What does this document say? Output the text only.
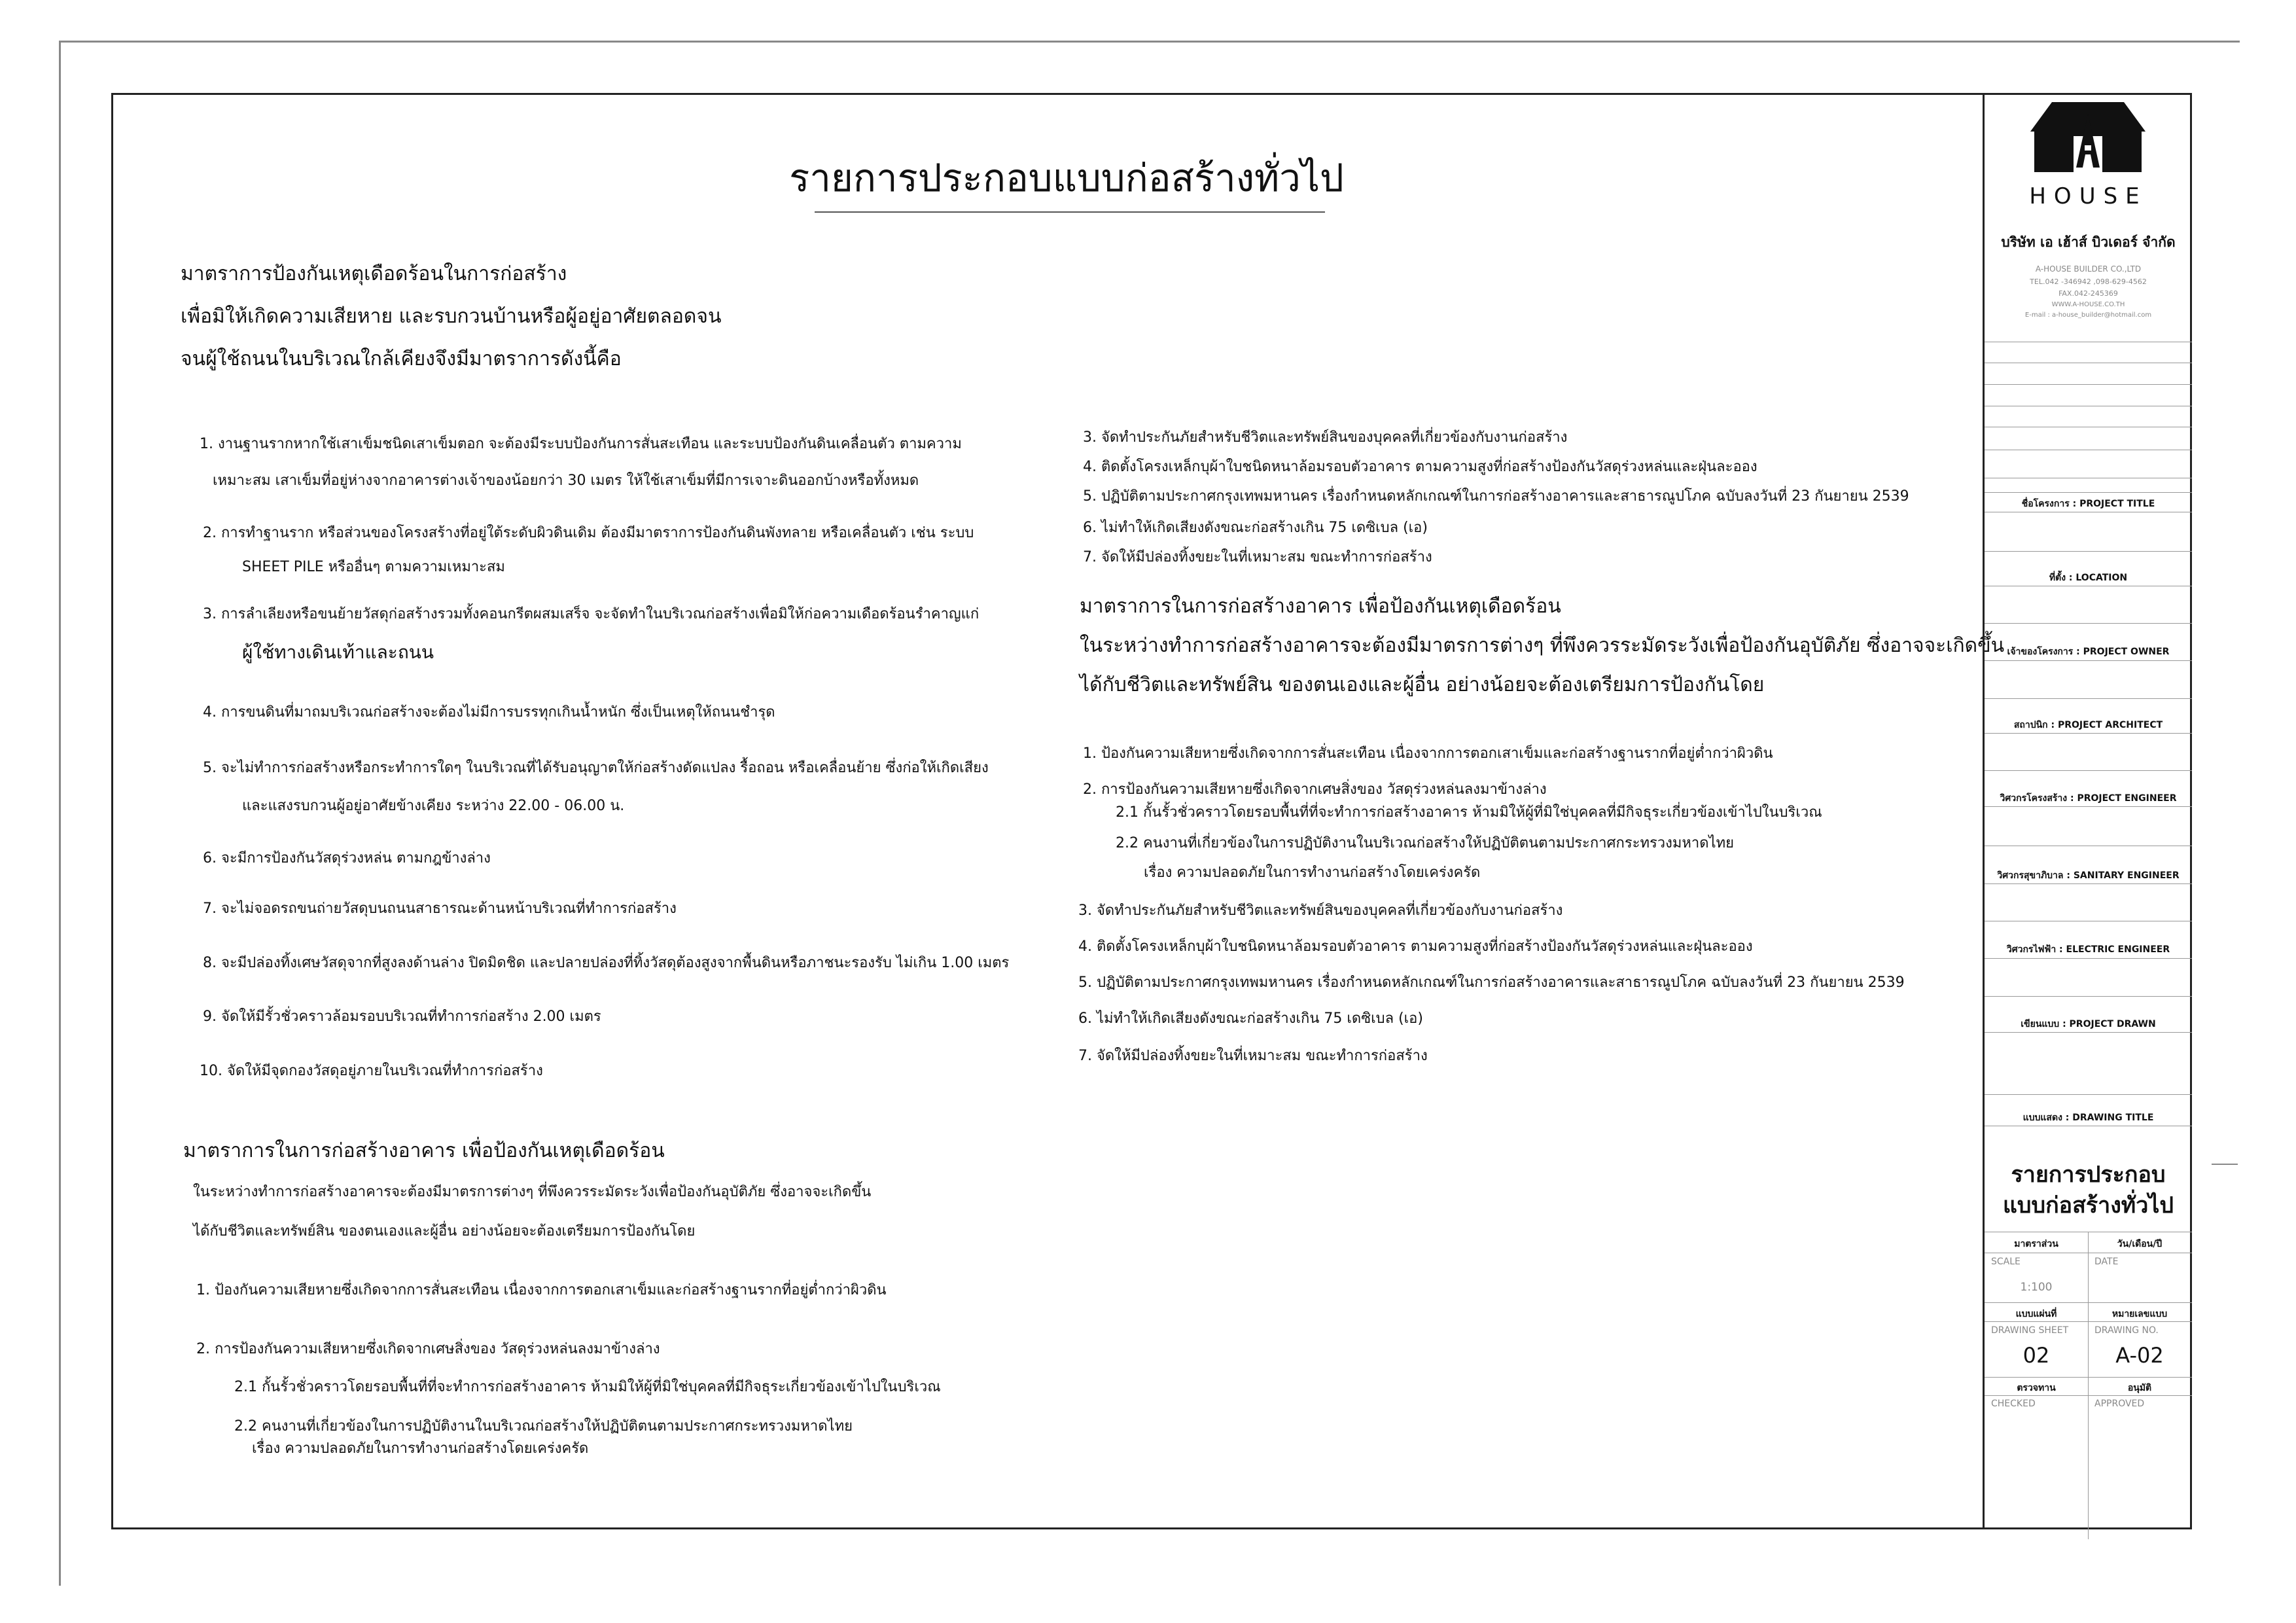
รายการประกอบแบบก่อสร้างทั่วไป
มาตราการป้องกันเหตุเดือดร้อนในการก่อสร้าง
เพื่อมิให้เกิดความเสียหาย และรบกวนบ้านหรือผู้อยู่อาศัยตลอดจน
จนผู้ใช้ถนนในบริเวณใกล้เคียงจึงมีมาตราการดังนี้คือ
1. งานฐานรากหากใช้เสาเข็มชนิดเสาเข็มตอก จะต้องมีระบบป้องกันการสั่นสะเทือน และระบบป้องกันดินเคลื่อนตัว ตามความ
เหมาะสม เสาเข็มที่อยู่ห่างจากอาคารต่างเจ้าของน้อยกว่า 30 เมตร ให้ใช้เสาเข็มที่มีการเจาะดินออกบ้างหรือทั้งหมด
2. การทำฐานราก หรือส่วนของโครงสร้างที่อยู่ใต้ระดับผิวดินเดิม ต้องมีมาตราการป้องกันดินพังทลาย หรือเคลื่อนตัว เช่น ระบบ
SHEET PILE หรืออื่นๆ ตามความเหมาะสม
3. การลำเลียงหรือขนย้ายวัสดุก่อสร้างรวมทั้งคอนกรีตผสมเสร็จ จะจัดทำในบริเวณก่อสร้างเพื่อมิให้ก่อความเดือดร้อนรำคาญแก่
ผู้ใช้ทางเดินเท้าและถนน
4. การขนดินที่มาถมบริเวณก่อสร้างจะต้องไม่มีการบรรทุกเกินน้ำหนัก ซึ่งเป็นเหตุให้ถนนชำรุด
5. จะไม่ทำการก่อสร้างหรือกระทำการใดๆ ในบริเวณที่ได้รับอนุญาตให้ก่อสร้างดัดแปลง รื้อถอน หรือเคลื่อนย้าย ซึ่งก่อให้เกิดเสียง
และแสงรบกวนผู้อยู่อาศัยข้างเคียง ระหว่าง 22.00 - 06.00 น.
6. จะมีการป้องกันวัสดุร่วงหล่น ตามกฎข้างล่าง
7. จะไม่จอดรถขนถ่ายวัสดุบนถนนสาธารณะด้านหน้าบริเวณที่ทำการก่อสร้าง
8. จะมีปล่องทิ้งเศษวัสดุจากที่สูงลงด้านล่าง ปิดมิดชิด และปลายปล่องที่ทิ้งวัสดุต้องสูงจากพื้นดินหรือภาชนะรองรับ ไม่เกิน 1.00 เมตร
9. จัดให้มีรั้วชั่วคราวล้อมรอบบริเวณที่ทำการก่อสร้าง 2.00 เมตร
10. จัดให้มีจุดกองวัสดุอยู่ภายในบริเวณที่ทำการก่อสร้าง
มาตราการในการก่อสร้างอาคาร เพื่อป้องกันเหตุเดือดร้อน
ในระหว่างทำการก่อสร้างอาคารจะต้องมีมาตรการต่างๆ ที่พึงควรระมัดระวังเพื่อป้องกันอุบัติภัย ซึ่งอาจจะเกิดขึ้น
ได้กับชีวิตและทรัพย์สิน ของตนเองและผู้อื่น อย่างน้อยจะต้องเตรียมการป้องกันโดย
1. ป้องกันความเสียหายซึ่งเกิดจากการสั่นสะเทือน เนื่องจากการตอกเสาเข็มและก่อสร้างฐานรากที่อยู่ต่ำกว่าผิวดิน
2. การป้องกันความเสียหายซึ่งเกิดจากเศษสิ่งของ วัสดุร่วงหล่นลงมาข้างล่าง
2.1 กั้นรั้วชั่วคราวโดยรอบพื้นที่ที่จะทำการก่อสร้างอาคาร ห้ามมิให้ผู้ที่มิใช่บุคคลที่มีกิจธุระเกี่ยวข้องเข้าไปในบริเวณ
2.2 คนงานที่เกี่ยวข้องในการปฏิบัติงานในบริเวณก่อสร้างให้ปฏิบัติตนตามประกาศกระทรวงมหาดไทย
เรื่อง ความปลอดภัยในการทำงานก่อสร้างโดยเคร่งครัด
3. จัดทำประกันภัยสำหรับชีวิตและทรัพย์สินของบุคคลที่เกี่ยวข้องกับงานก่อสร้าง
4. ติดตั้งโครงเหล็กบุผ้าใบชนิดหนาล้อมรอบตัวอาคาร ตามความสูงที่ก่อสร้างป้องกันวัสดุร่วงหล่นและฝุ่นละออง
5. ปฏิบัติตามประกาศกรุงเทพมหานคร เรื่องกำหนดหลักเกณฑ์ในการก่อสร้างอาคารและสาธารณูปโภค ฉบับลงวันที่ 23 กันยายน 2539
6. ไม่ทำให้เกิดเสียงดังขณะก่อสร้างเกิน 75 เดซิเบล (เอ)
7. จัดให้มีปล่องทิ้งขยะในที่เหมาะสม ขณะทำการก่อสร้าง
มาตราการในการก่อสร้างอาคาร เพื่อป้องกันเหตุเดือดร้อน
ในระหว่างทำการก่อสร้างอาคารจะต้องมีมาตรการต่างๆ ที่พึงควรระมัดระวังเพื่อป้องกันอุบัติภัย ซึ่งอาจจะเกิดขึ้น
ได้กับชีวิตและทรัพย์สิน ของตนเองและผู้อื่น อย่างน้อยจะต้องเตรียมการป้องกันโดย
1. ป้องกันความเสียหายซึ่งเกิดจากการสั่นสะเทือน เนื่องจากการตอกเสาเข็มและก่อสร้างฐานรากที่อยู่ต่ำกว่าผิวดิน
2. การป้องกันความเสียหายซึ่งเกิดจากเศษสิ่งของ วัสดุร่วงหล่นลงมาข้างล่าง
2.1 กั้นรั้วชั่วคราวโดยรอบพื้นที่ที่จะทำการก่อสร้างอาคาร ห้ามมิให้ผู้ที่มิใช่บุคคลที่มีกิจธุระเกี่ยวข้องเข้าไปในบริเวณ
2.2 คนงานที่เกี่ยวข้องในการปฏิบัติงานในบริเวณก่อสร้างให้ปฏิบัติตนตามประกาศกระทรวงมหาดไทย
เรื่อง ความปลอดภัยในการทำงานก่อสร้างโดยเคร่งครัด
3. จัดทำประกันภัยสำหรับชีวิตและทรัพย์สินของบุคคลที่เกี่ยวข้องกับงานก่อสร้าง
4. ติดตั้งโครงเหล็กบุผ้าใบชนิดหนาล้อมรอบตัวอาคาร ตามความสูงที่ก่อสร้างป้องกันวัสดุร่วงหล่นและฝุ่นละออง
5. ปฏิบัติตามประกาศกรุงเทพมหานคร เรื่องกำหนดหลักเกณฑ์ในการก่อสร้างอาคารและสาธารณูปโภค ฉบับลงวันที่ 23 กันยายน 2539
6. ไม่ทำให้เกิดเสียงดังขณะก่อสร้างเกิน 75 เดซิเบล (เอ)
7. จัดให้มีปล่องทิ้งขยะในที่เหมาะสม ขณะทำการก่อสร้าง
HOUSE
บริษัท เอ เฮ้าส์ บิวเดอร์ จำกัด
A-HOUSE BUILDER CO.,LTD
TEL.042 -346942 ,098-629-4562
FAX.042-245369
WWW.A-HOUSE.CO.TH
E-mail : a-house_builder@hotmail.com
ชื่อโครงการ : PROJECT TITLE
ที่ตั้ง : LOCATION
เจ้าของโครงการ : PROJECT OWNER
สถาปนิก : PROJECT ARCHITECT
วิศวกรโครงสร้าง : PROJECT ENGINEER
วิศวกรสุขาภิบาล : SANITARY ENGINEER
วิศวกรไฟฟ้า : ELECTRIC ENGINEER
เขียนแบบ : PROJECT DRAWN
แบบแสดง : DRAWING TITLE
รายการประกอบ
แบบก่อสร้างทั่วไป
มาตราส่วน	วัน/เดือน/ปี
SCALE	DATE
1:100
แบบแผ่นที่	หมายเลขแบบ
DRAWING SHEET	DRAWING NO.
02	A-02
ตรวจทาน	อนุมัติ
CHECKED	APPROVED
